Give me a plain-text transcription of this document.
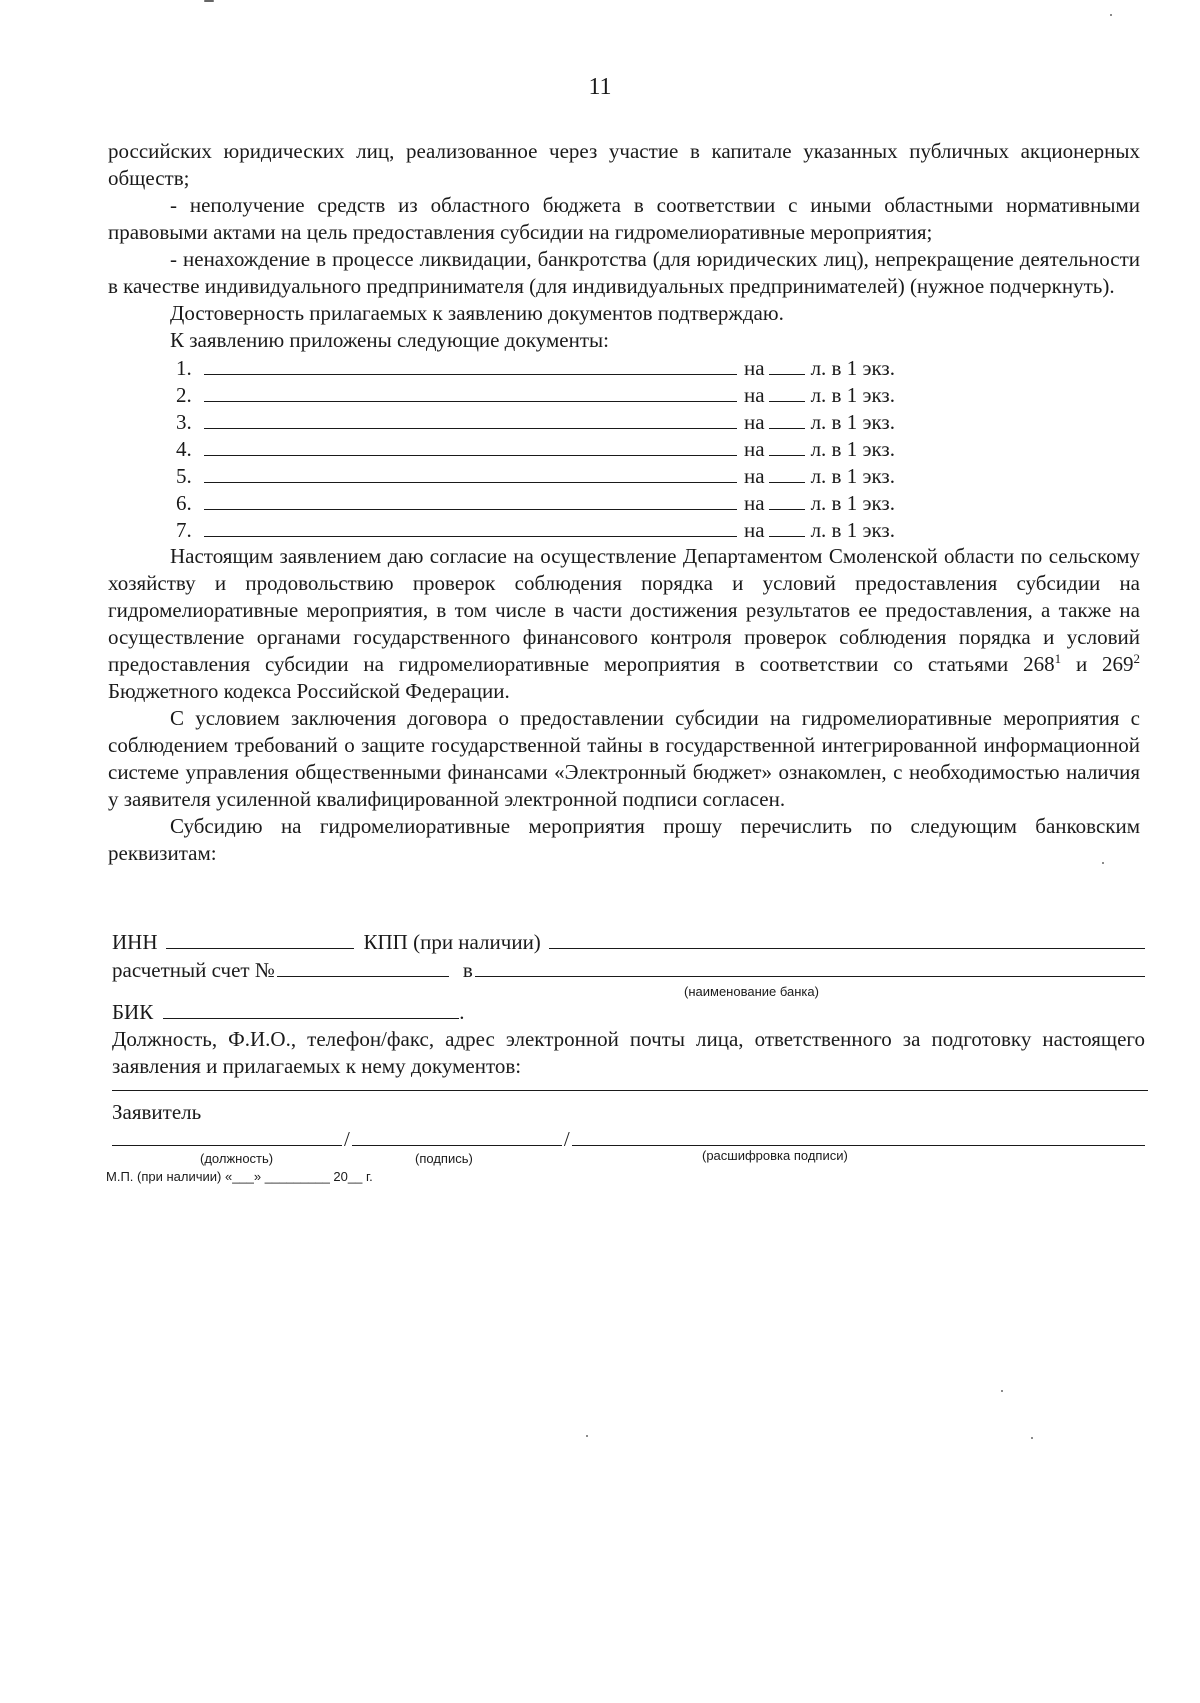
11

российских юридических лиц, реализованное через участие в капитале указанных публичных акционерных обществ;

- неполучение средств из областного бюджета в соответствии с иными областными нормативными правовыми актами на цель предоставления субсидии на гидромелиоративные мероприятия;

- ненахождение в процессе ликвидации, банкротства (для юридических лиц), непрекращение деятельности в качестве индивидуального предпринимателя (для индивидуальных предпринимателей) (нужное подчеркнуть).

Достоверность прилагаемых к заявлению документов подтверждаю.

К заявлению приложены следующие документы:

1.	на л. в 1 экз.
2.	на л. в 1 экз.
3.	на л. в 1 экз.
4.	на л. в 1 экз.
5.	на л. в 1 экз.
6.	на л. в 1 экз.
7.	на л. в 1 экз.

Настоящим заявлением даю согласие на осуществление Департаментом Смоленской области по сельскому хозяйству и продовольствию проверок соблюдения порядка и условий предоставления субсидии на гидромелиоративные мероприятия, в том числе в части достижения результатов ее предоставления, а также на осуществление органами государственного финансового контроля проверок соблюдения порядка и условий предоставления субсидии на гидромелиоративные мероприятия в соответствии со статьями $268^1$ и $269^2$ Бюджетного кодекса Российской Федерации.

С условием заключения договора о предоставлении субсидии на гидромелиоративные мероприятия с соблюдением требований о защите государственной тайны в государственной интегрированной информационной системе управления общественными финансами «Электронный бюджет» ознакомлен, с необходимостью наличия у заявителя усиленной квалифицированной электронной подписи согласен.

Субсидию на гидромелиоративные мероприятия прошу перечислить по следующим банковским реквизитам:

ИНН	КПП (при наличии)
расчетный счет №	в
(наименование банка)
БИК	.
Должность, Ф.И.О., телефон/факс, адрес электронной почты лица, ответственного за подготовку настоящего заявления и прилагаемых к нему документов:
Заявитель
/	/
(должность)	(подпись)	(расшифровка подписи)
М.П. (при наличии) «___» _________ 20__ г.
